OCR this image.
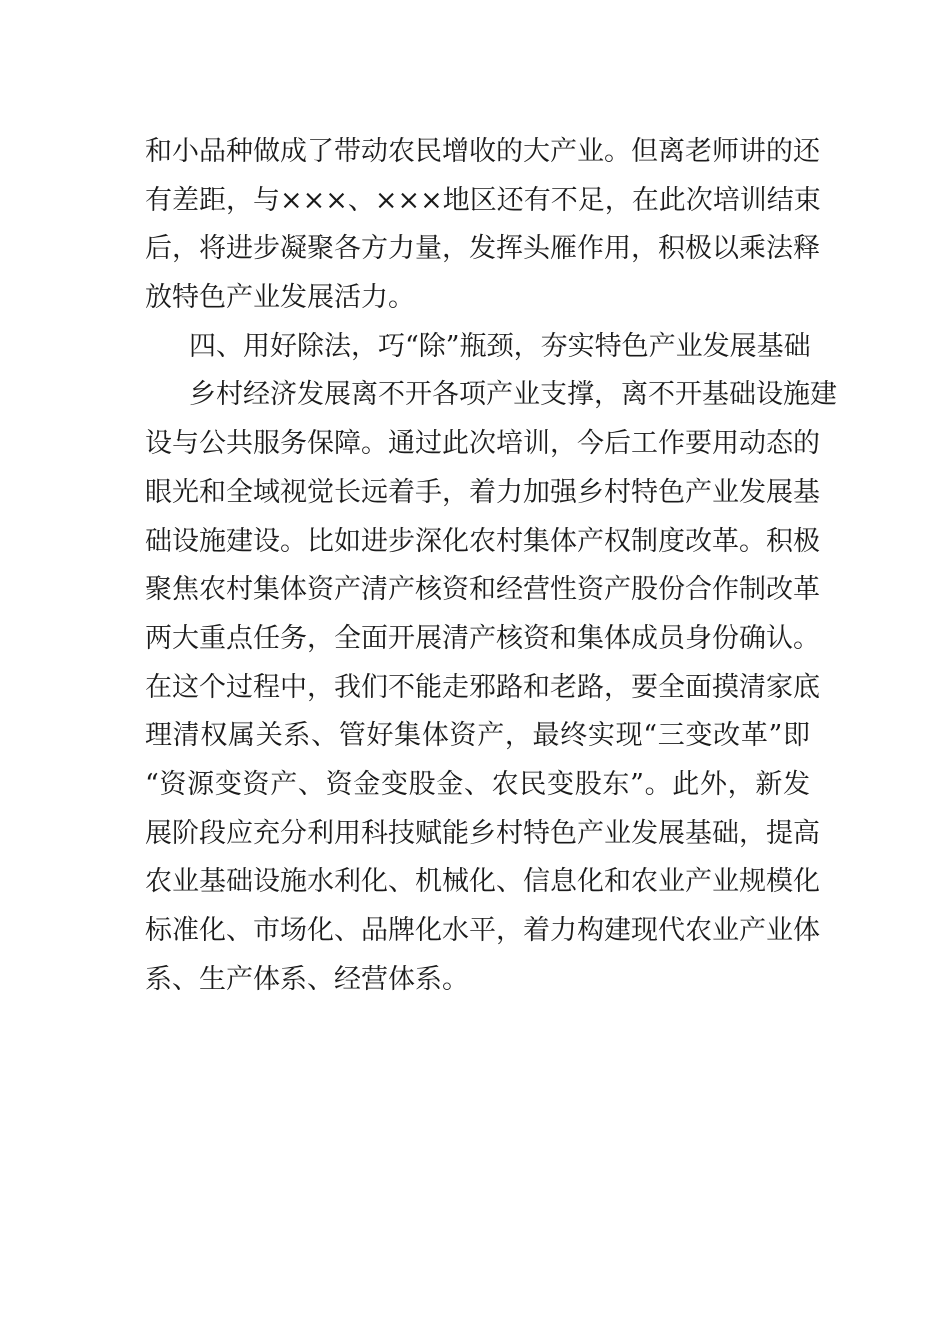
和小品种做成了带动农民增收的大产业。但离老师讲的还
有差距，与×××、×××地区还有不足，在此次培训结束
后，将进步凝聚各方力量，发挥头雁作用，积极以乘法释
放特色产业发展活力。
四、用好除法，巧“除”瓶颈，夯实特色产业发展基础
乡村经济发展离不开各项产业支撑，离不开基础设施建
设与公共服务保障。通过此次培训，今后工作要用动态的
眼光和全域视觉长远着手，着力加强乡村特色产业发展基
础设施建设。比如进步深化农村集体产权制度改革。积极
聚焦农村集体资产清产核资和经营性资产股份合作制改革
两大重点任务，全面开展清产核资和集体成员身份确认。
在这个过程中，我们不能走邪路和老路，要全面摸清家底
理清权属关系、管好集体资产，最终实现“三变改革”即
“资源变资产、资金变股金、农民变股东”。此外，新发
展阶段应充分利用科技赋能乡村特色产业发展基础，提高
农业基础设施水利化、机械化、信息化和农业产业规模化
标准化、市场化、品牌化水平，着力构建现代农业产业体
系、生产体系、经营体系。
